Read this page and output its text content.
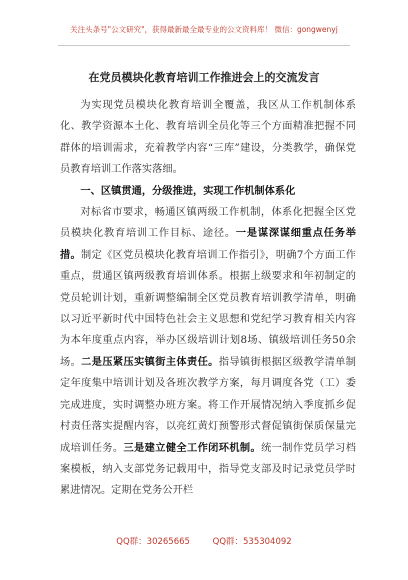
关注头条号"公文研究"，获得最新最全最专业的公文资料库！ 微信：gongwenyj
在党员模块化教育培训工作推进会上的交流发言

为实现党员模块化教育培训全覆盖，我区从工作机制体系化、教学资源本土化、教育培训全员化等三个方面精准把握不同群体的培训需求，充着教学内容“三库”建设，分类教学，确保党员教育培训工作落实落细。

一、区镇贯通，分级推进，实现工作机制体系化

对标省市要求，畅通区镇两级工作机制，体系化把握全区党员模块化教育培训工作目标、途径。一是谋深谋细重点任务举措。制定《区党员模块化教育培训工作指引》，明确7个方面工作重点，贯通区镇两级教育培训体系。根据上级要求和年初制定的党员轮训计划，重新调整编制全区党员教育培训教学清单，明确以习近平新时代中国特色社会主义思想和党纪学习教育相关内容为本年度重点内容，举办区级培训计划8场、镇级培训任务50余场。二是压紧压实镇街主体责任。指导镇街根据区级教学清单制定年度集中培训计划及各班次教学方案，每月调度各党（工）委完成进度，实时调整办班方案。将工作开展情况纳入季度抓乡促村责任落实提醒内容，以亮红黄灯预警形式督促镇街保质保量完成培训任务。三是建立健全工作闭环机制。统一制作党员学习档案模板，纳入支部党务记载用中，指导党支部及时记录党员学时累进情况。定期在党务公开栏

QQ群：30265665	QQ群：535304092
